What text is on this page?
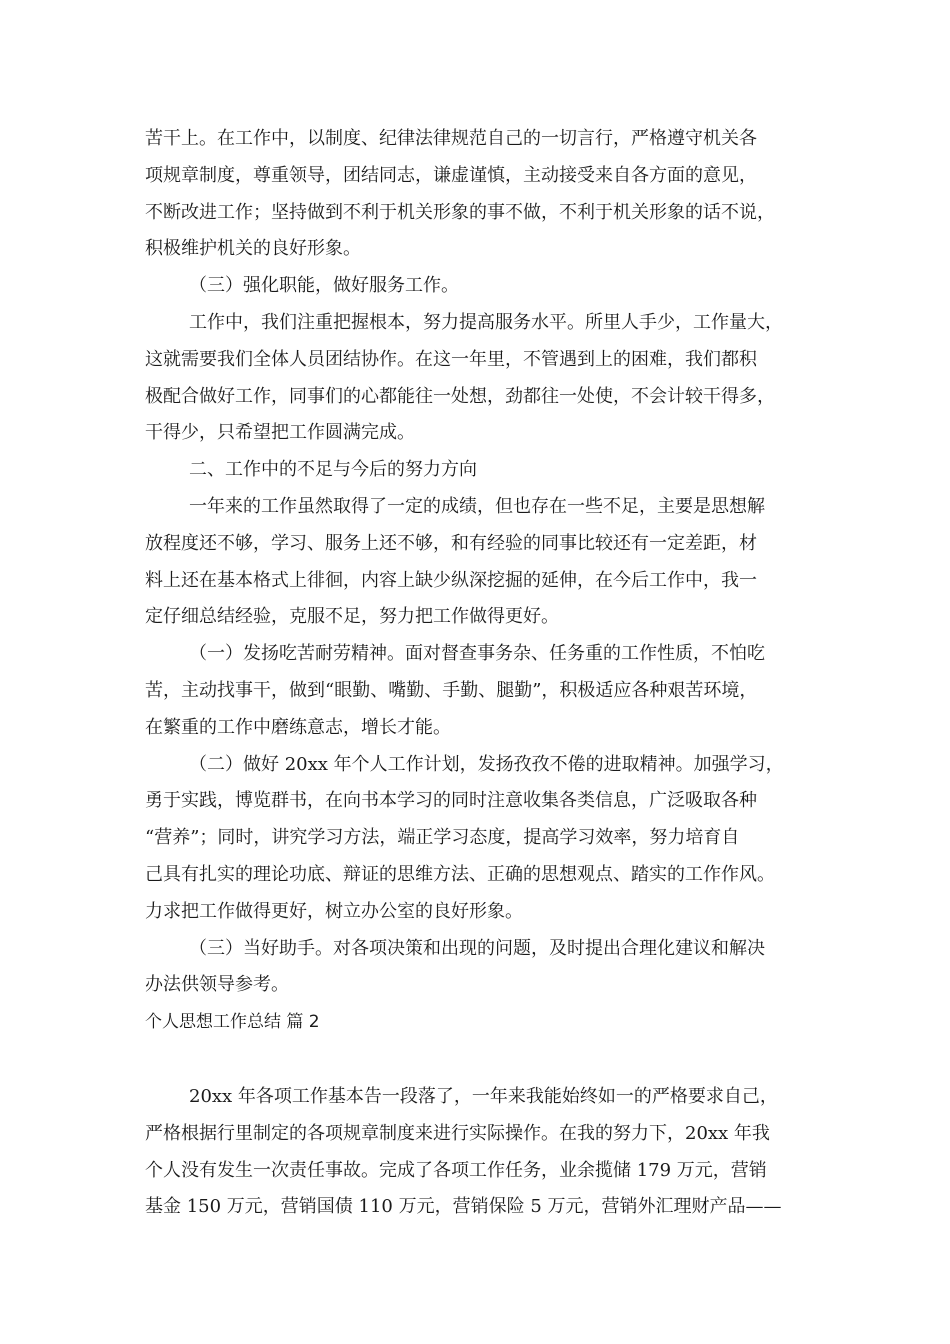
苦干上。在工作中，以制度、纪律法律规范自己的一切言行，严格遵守机关各
项规章制度，尊重领导，团结同志，谦虚谨慎，主动接受来自各方面的意见，
不断改进工作；坚持做到不利于机关形象的事不做，不利于机关形象的话不说，
积极维护机关的良好形象。
（三）强化职能，做好服务工作。
工作中，我们注重把握根本，努力提高服务水平。所里人手少，工作量大，
这就需要我们全体人员团结协作。在这一年里，不管遇到上的困难，我们都积
极配合做好工作，同事们的心都能往一处想，劲都往一处使，不会计较干得多，
干得少，只希望把工作圆满完成。
二、工作中的不足与今后的努力方向
一年来的工作虽然取得了一定的成绩，但也存在一些不足，主要是思想解
放程度还不够，学习、服务上还不够，和有经验的同事比较还有一定差距，材
料上还在基本格式上徘徊，内容上缺少纵深挖掘的延伸，在今后工作中，我一
定仔细总结经验，克服不足，努力把工作做得更好。
（一）发扬吃苦耐劳精神。面对督查事务杂、任务重的工作性质，不怕吃
苦，主动找事干，做到“眼勤、嘴勤、手勤、腿勤”，积极适应各种艰苦环境，
在繁重的工作中磨练意志，增长才能。
（二）做好 20xx 年个人工作计划，发扬孜孜不倦的进取精神。加强学习，
勇于实践，博览群书，在向书本学习的同时注意收集各类信息，广泛吸取各种
“营养”；同时，讲究学习方法，端正学习态度，提高学习效率，努力培育自
己具有扎实的理论功底、辩证的思维方法、正确的思想观点、踏实的工作作风。
力求把工作做得更好，树立办公室的良好形象。
（三）当好助手。对各项决策和出现的问题，及时提出合理化建议和解决
办法供领导参考。
个人思想工作总结 篇 2
20xx 年各项工作基本告一段落了，一年来我能始终如一的严格要求自己，
严格根据行里制定的各项规章制度来进行实际操作。在我的努力下，20xx 年我
个人没有发生一次责任事故。完成了各项工作任务，业余揽储 179 万元，营销
基金 150 万元，营销国债 110 万元，营销保险 5 万元，营销外汇理财产品——
